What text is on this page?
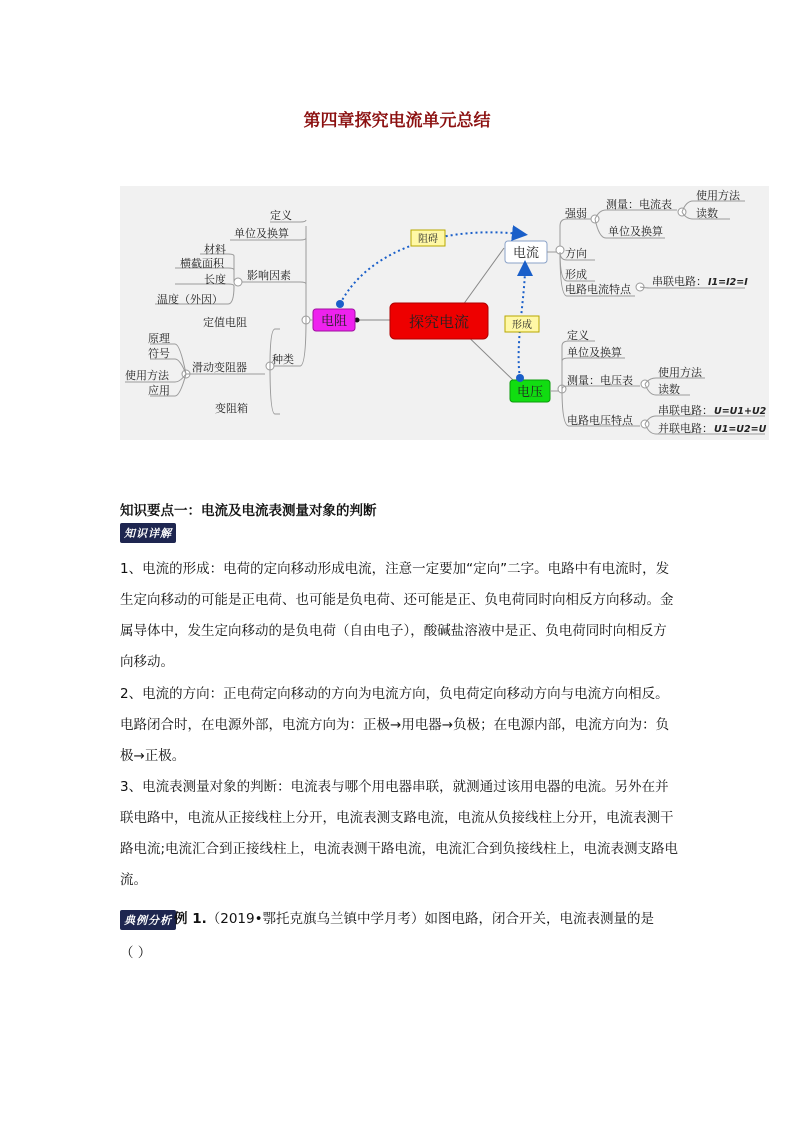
第四章探究电流单元总结
探究电流
电流
电压
电阻
阻碍
形成
强弱
测量：电流表
使用方法
读数
单位及换算
方向
形成
电路电流特点
串联电路： I1=I2=I
定义
单位及换算
测量：电压表
使用方法
读数
电路电压特点
串联电路： U=U1+U2
并联电路： U1=U2=U
定义
单位及换算
影响因素
材料
横截面积
长度
温度（外因）
种类
定值电阻
滑动变阻器
原理
符号
使用方法
应用
变阻箱
知识要点一：电流及电流表测量对象的判断
知识详解
1、电流的形成：电荷的定向移动形成电流，注意一定要加“定向”二字。电路中有电流时，发生定向移动的可能是正电荷、也可能是负电荷、还可能是正、负电荷同时向相反方向移动。金属导体中，发生定向移动的是负电荷（自由电子），酸碱盐溶液中是正、负电荷同时向相反方向移动。
2、电流的方向：正电荷定向移动的方向为电流方向，负电荷定向移动方向与电流方向相反。电路闭合时，在电源外部，电流方向为：正极→用电器→负极；在电源内部，电流方向为：负极→正极。
3、电流表测量对象的判断：电流表与哪个用电器串联，就测通过该用电器的电流。另外在并联电路中，电流从正接线柱上分开，电流表测支路电流，电流从负接线柱上分开，电流表测干路电流;电流汇合到正接线柱上，电流表测干路电流，电流汇合到负接线柱上，电流表测支路电流。
典例分析 例 1.（2019•鄂托克旗乌兰镇中学月考）如图电路，闭合开关，电流表测量的是
（ ）
